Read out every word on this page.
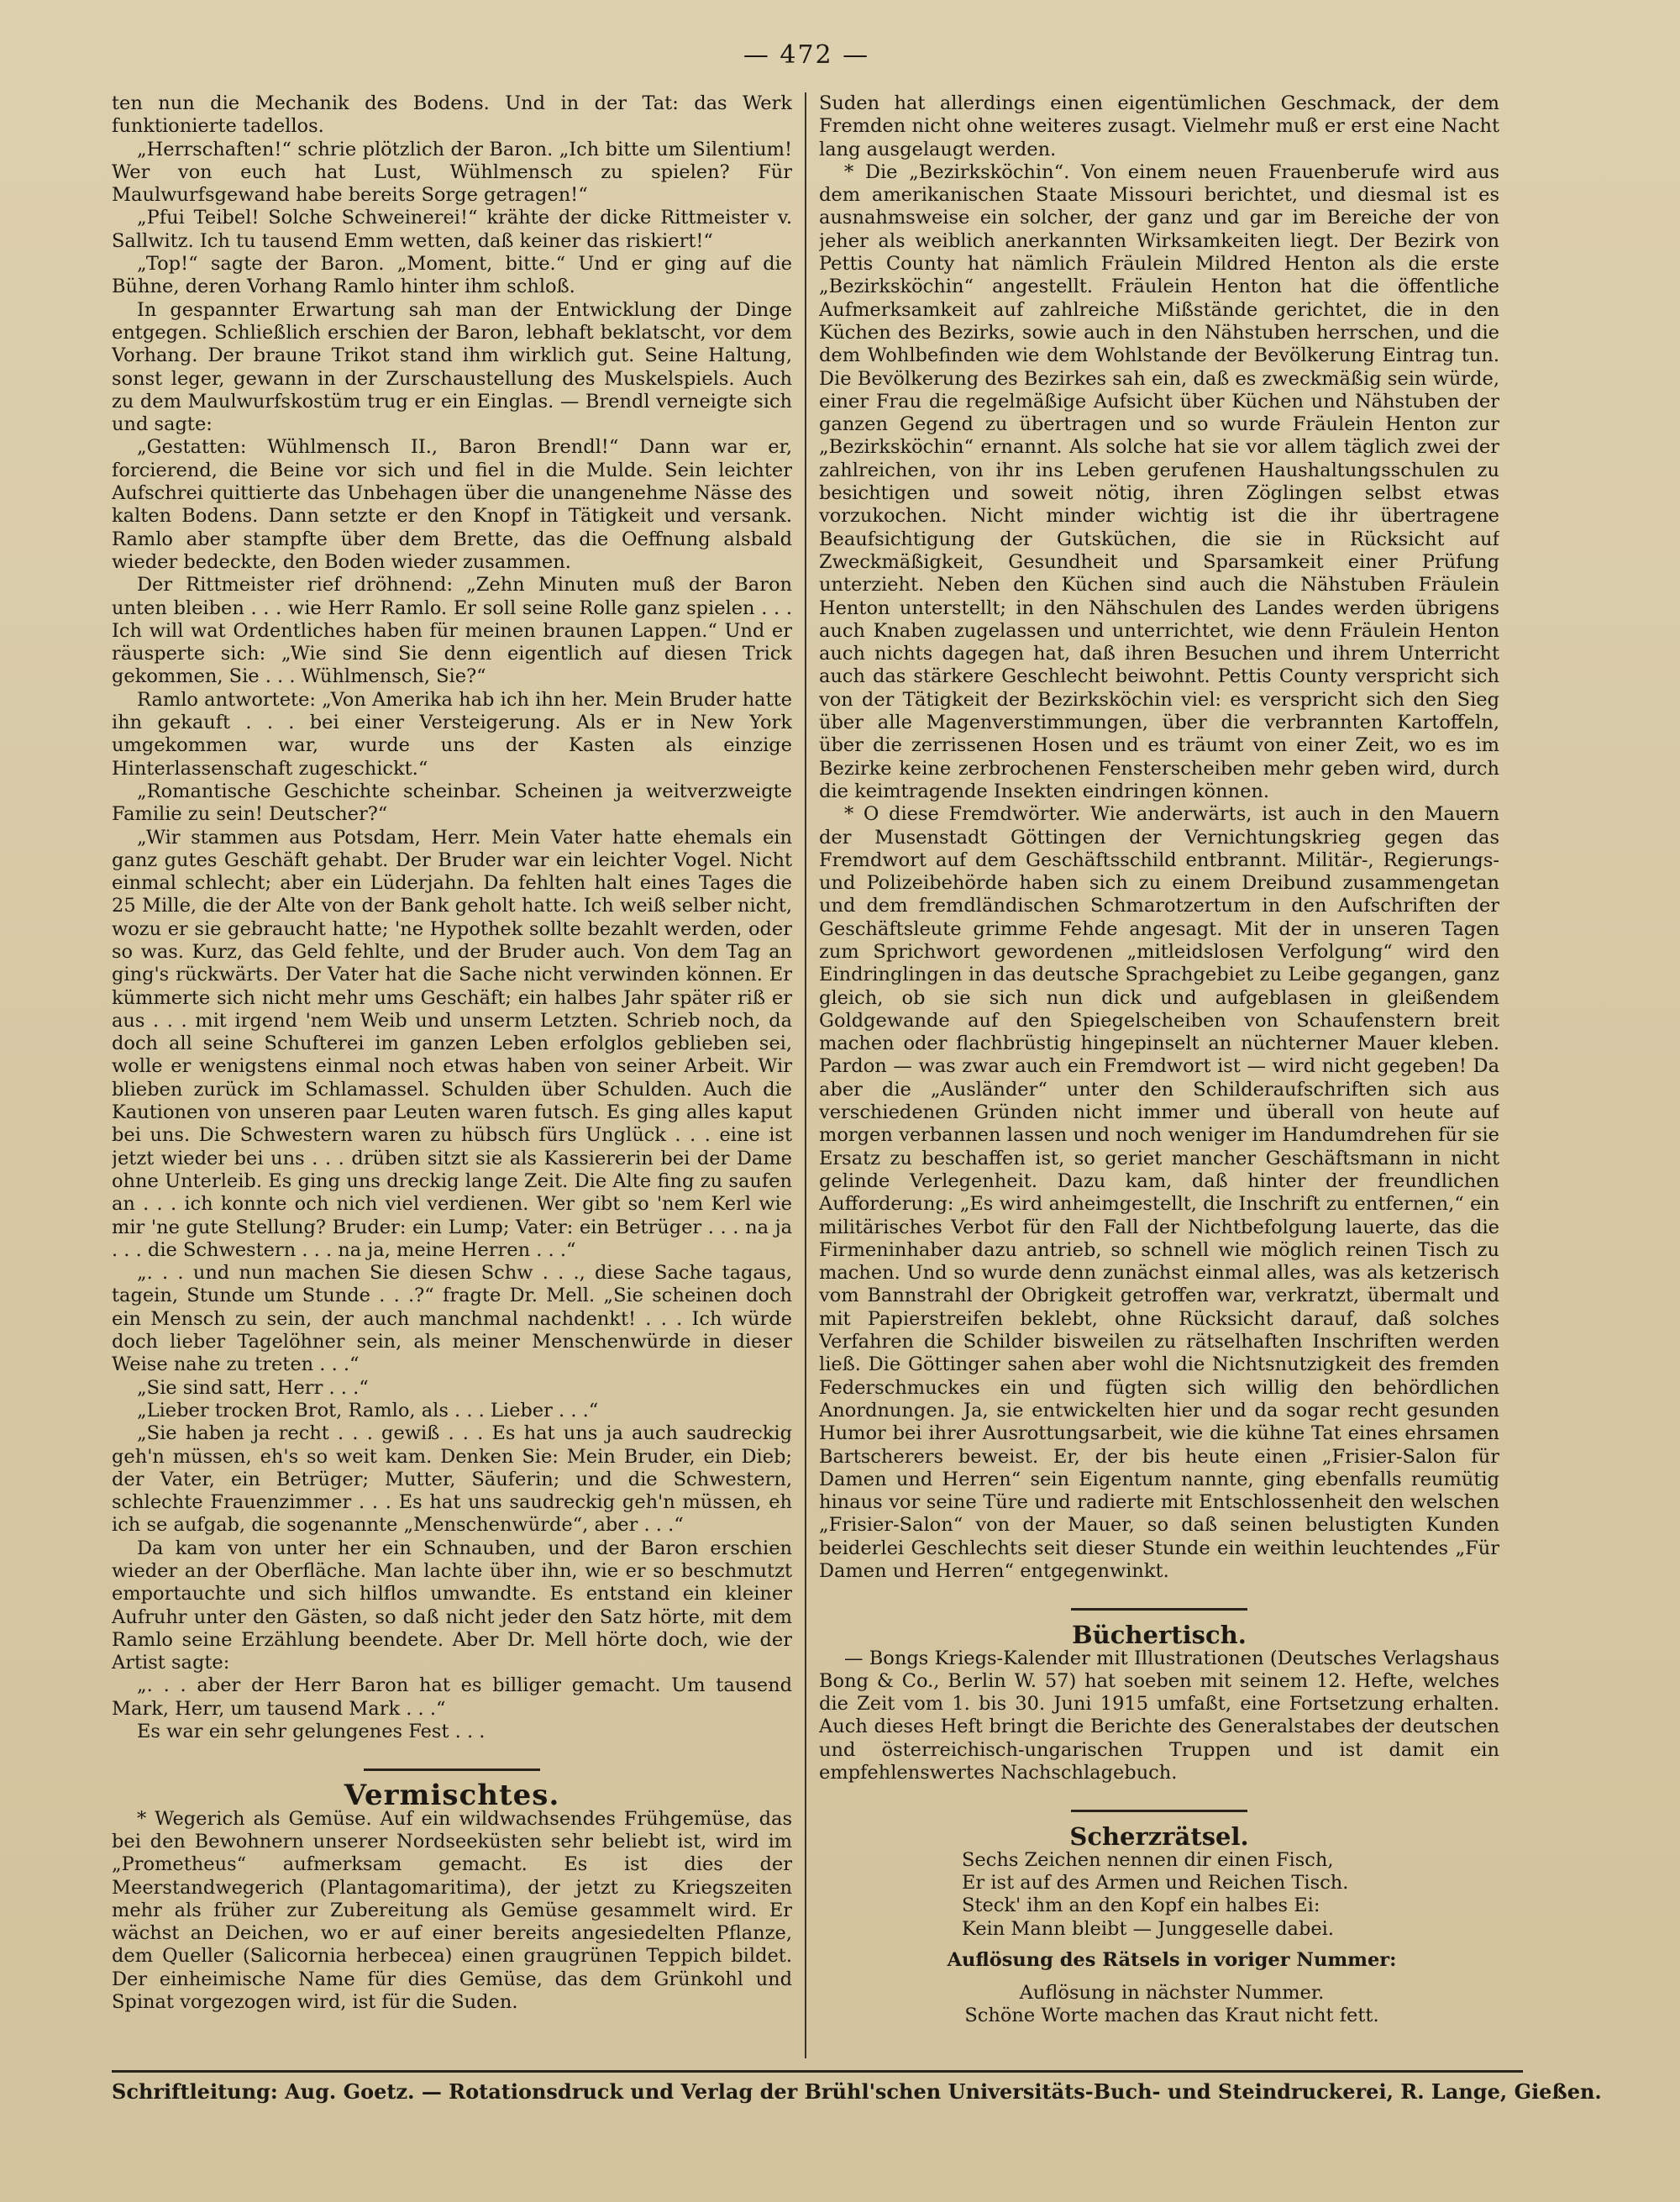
— 472 —

ten nun die Mechanik des Bodens. Und in der Tat: das Werk funktionierte tadellos.

„Herrschaften!“ schrie plötzlich der Baron. „Ich bitte um Silentium! Wer von euch hat Lust, Wühlmensch zu spielen? Für Maulwurfsgewand habe bereits Sorge getragen!“

„Pfui Teibel! Solche Schweinerei!“ krähte der dicke Rittmeister v. Sallwitz. Ich tu tausend Emm wetten, daß keiner das riskiert!“

„Top!“ sagte der Baron. „Moment, bitte.“ Und er ging auf die Bühne, deren Vorhang Ramlo hinter ihm schloß.

In gespannter Erwartung sah man der Entwicklung der Dinge entgegen. Schließlich erschien der Baron, lebhaft beklatscht, vor dem Vorhang. Der braune Trikot stand ihm wirklich gut. Seine Haltung, sonst leger, gewann in der Zurschaustellung des Muskelspiels. Auch zu dem Maulwurfskostüm trug er ein Einglas. — Brendl verneigte sich und sagte:

„Gestatten: Wühlmensch II., Baron Brendl!“ Dann war er, forcierend, die Beine vor sich und fiel in die Mulde. Sein leichter Aufschrei quittierte das Unbehagen über die unangenehme Nässe des kalten Bodens. Dann setzte er den Knopf in Tätigkeit und versank. Ramlo aber stampfte über dem Brette, das die Oeffnung alsbald wieder bedeckte, den Boden wieder zusammen.

Der Rittmeister rief dröhnend: „Zehn Minuten muß der Baron unten bleiben . . . wie Herr Ramlo. Er soll seine Rolle ganz spielen . . . Ich will wat Ordentliches haben für meinen braunen Lappen.“ Und er räusperte sich: „Wie sind Sie denn eigentlich auf diesen Trick gekommen, Sie . . . Wühlmensch, Sie?“

Ramlo antwortete: „Von Amerika hab ich ihn her. Mein Bruder hatte ihn gekauft . . . bei einer Versteigerung. Als er in New York umgekommen war, wurde uns der Kasten als einzige Hinterlassenschaft zugeschickt.“

„Romantische Geschichte scheinbar. Scheinen ja weitverzweigte Familie zu sein! Deutscher?“

„Wir stammen aus Potsdam, Herr. Mein Vater hatte ehemals ein ganz gutes Geschäft gehabt. Der Bruder war ein leichter Vogel. Nicht einmal schlecht; aber ein Lüderjahn. Da fehlten halt eines Tages die 25 Mille, die der Alte von der Bank geholt hatte. Ich weiß selber nicht, wozu er sie gebraucht hatte; 'ne Hypothek sollte bezahlt werden, oder so was. Kurz, das Geld fehlte, und der Bruder auch. Von dem Tag an ging's rückwärts. Der Vater hat die Sache nicht verwinden können. Er kümmerte sich nicht mehr ums Geschäft; ein halbes Jahr später riß er aus . . . mit irgend 'nem Weib und unserm Letzten. Schrieb noch, da doch all seine Schufterei im ganzen Leben erfolglos geblieben sei, wolle er wenigstens einmal noch etwas haben von seiner Arbeit. Wir blieben zurück im Schlamassel. Schulden über Schulden. Auch die Kautionen von unseren paar Leuten waren futsch. Es ging alles kaput bei uns. Die Schwestern waren zu hübsch fürs Unglück . . . eine ist jetzt wieder bei uns . . . drüben sitzt sie als Kassiererin bei der Dame ohne Unterleib. Es ging uns dreckig lange Zeit. Die Alte fing zu saufen an . . . ich konnte och nich viel verdienen. Wer gibt so 'nem Kerl wie mir 'ne gute Stellung? Bruder: ein Lump; Vater: ein Betrüger . . . na ja . . . die Schwestern . . . na ja, meine Herren . . .“

„. . . und nun machen Sie diesen Schw . . ., diese Sache tagaus, tagein, Stunde um Stunde . . .?“ fragte Dr. Mell. „Sie scheinen doch ein Mensch zu sein, der auch manchmal nachdenkt! . . . Ich würde doch lieber Tagelöhner sein, als meiner Menschenwürde in dieser Weise nahe zu treten . . .“

„Sie sind satt, Herr . . .“

„Lieber trocken Brot, Ramlo, als . . . Lieber . . .“

„Sie haben ja recht . . . gewiß . . . Es hat uns ja auch saudreckig geh'n müssen, eh's so weit kam. Denken Sie: Mein Bruder, ein Dieb; der Vater, ein Betrüger; Mutter, Säuferin; und die Schwestern, schlechte Frauenzimmer . . . Es hat uns saudreckig geh'n müssen, eh ich se aufgab, die sogenannte „Menschenwürde“, aber . . .“

Da kam von unter her ein Schnauben, und der Baron erschien wieder an der Oberfläche. Man lachte über ihn, wie er so beschmutzt emportauchte und sich hilflos umwandte. Es entstand ein kleiner Aufruhr unter den Gästen, so daß nicht jeder den Satz hörte, mit dem Ramlo seine Erzählung beendete. Aber Dr. Mell hörte doch, wie der Artist sagte:

„. . . aber der Herr Baron hat es billiger gemacht. Um tausend Mark, Herr, um tausend Mark . . .“

Es war ein sehr gelungenes Fest . . .

Vermischtes.

* Wegerich als Gemüse. Auf ein wildwachsendes Frühgemüse, das bei den Bewohnern unserer Nordseeküsten sehr beliebt ist, wird im „Prometheus“ aufmerksam gemacht. Es ist dies der Meerstandwegerich (Plantagomaritima), der jetzt zu Kriegszeiten mehr als früher zur Zubereitung als Gemüse gesammelt wird. Er wächst an Deichen, wo er auf einer bereits angesiedelten Pflanze, dem Queller (Salicornia herbecea) einen graugrünen Teppich bildet. Der einheimische Name für dies Gemüse, das dem Grünkohl und Spinat vorgezogen wird, ist für die Suden.

Suden hat allerdings einen eigentümlichen Geschmack, der dem Fremden nicht ohne weiteres zusagt. Vielmehr muß er erst eine Nacht lang ausgelaugt werden.

* Die „Bezirksköchin“. Von einem neuen Frauenberufe wird aus dem amerikanischen Staate Missouri berichtet, und diesmal ist es ausnahmsweise ein solcher, der ganz und gar im Bereiche der von jeher als weiblich anerkannten Wirksamkeiten liegt. Der Bezirk von Pettis County hat nämlich Fräulein Mildred Henton als die erste „Bezirksköchin“ angestellt. Fräulein Henton hat die öffentliche Aufmerksamkeit auf zahlreiche Mißstände gerichtet, die in den Küchen des Bezirks, sowie auch in den Nähstuben herrschen, und die dem Wohlbefinden wie dem Wohlstande der Bevölkerung Eintrag tun. Die Bevölkerung des Bezirkes sah ein, daß es zweckmäßig sein würde, einer Frau die regelmäßige Aufsicht über Küchen und Nähstuben der ganzen Gegend zu übertragen und so wurde Fräulein Henton zur „Bezirksköchin“ ernannt. Als solche hat sie vor allem täglich zwei der zahlreichen, von ihr ins Leben gerufenen Haushaltungsschulen zu besichtigen und soweit nötig, ihren Zöglingen selbst etwas vorzukochen. Nicht minder wichtig ist die ihr übertragene Beaufsichtigung der Gutsküchen, die sie in Rücksicht auf Zweckmäßigkeit, Gesundheit und Sparsamkeit einer Prüfung unterzieht. Neben den Küchen sind auch die Nähstuben Fräulein Henton unterstellt; in den Nähschulen des Landes werden übrigens auch Knaben zugelassen und unterrichtet, wie denn Fräulein Henton auch nichts dagegen hat, daß ihren Besuchen und ihrem Unterricht auch das stärkere Geschlecht beiwohnt. Pettis County verspricht sich von der Tätigkeit der Bezirksköchin viel: es verspricht sich den Sieg über alle Magenverstimmungen, über die verbrannten Kartoffeln, über die zerrissenen Hosen und es träumt von einer Zeit, wo es im Bezirke keine zerbrochenen Fensterscheiben mehr geben wird, durch die keimtragende Insekten eindringen können.

* O diese Fremdwörter. Wie anderwärts, ist auch in den Mauern der Musenstadt Göttingen der Vernichtungskrieg gegen das Fremdwort auf dem Geschäftsschild entbrannt. Militär-, Regierungs- und Polizeibehörde haben sich zu einem Dreibund zusammengetan und dem fremdländischen Schmarotzertum in den Aufschriften der Geschäftsleute grimme Fehde angesagt. Mit der in unseren Tagen zum Sprichwort gewordenen „mitleidslosen Verfolgung“ wird den Eindringlingen in das deutsche Sprachgebiet zu Leibe gegangen, ganz gleich, ob sie sich nun dick und aufgeblasen in gleißendem Goldgewande auf den Spiegelscheiben von Schaufenstern breit machen oder flachbrüstig hingepinselt an nüchterner Mauer kleben. Pardon — was zwar auch ein Fremdwort ist — wird nicht gegeben! Da aber die „Ausländer“ unter den Schilderaufschriften sich aus verschiedenen Gründen nicht immer und überall von heute auf morgen verbannen lassen und noch weniger im Handumdrehen für sie Ersatz zu beschaffen ist, so geriet mancher Geschäftsmann in nicht gelinde Verlegenheit. Dazu kam, daß hinter der freundlichen Aufforderung: „Es wird anheimgestellt, die Inschrift zu entfernen,“ ein militärisches Verbot für den Fall der Nichtbefolgung lauerte, das die Firmeninhaber dazu antrieb, so schnell wie möglich reinen Tisch zu machen. Und so wurde denn zunächst einmal alles, was als ketzerisch vom Bannstrahl der Obrigkeit getroffen war, verkratzt, übermalt und mit Papierstreifen beklebt, ohne Rücksicht darauf, daß solches Verfahren die Schilder bisweilen zu rätselhaften Inschriften werden ließ. Die Göttinger sahen aber wohl die Nichtsnutzigkeit des fremden Federschmuckes ein und fügten sich willig den behördlichen Anordnungen. Ja, sie entwickelten hier und da sogar recht gesunden Humor bei ihrer Ausrottungsarbeit, wie die kühne Tat eines ehrsamen Bartscherers beweist. Er, der bis heute einen „Frisier-Salon für Damen und Herren“ sein Eigentum nannte, ging ebenfalls reumütig hinaus vor seine Türe und radierte mit Entschlossenheit den welschen „Frisier-Salon“ von der Mauer, so daß seinen belustigten Kunden beiderlei Geschlechts seit dieser Stunde ein weithin leuchtendes „Für Damen und Herren“ entgegenwinkt.

Büchertisch.

— Bongs Kriegs-Kalender mit Illustrationen (Deutsches Verlagshaus Bong & Co., Berlin W. 57) hat soeben mit seinem 12. Hefte, welches die Zeit vom 1. bis 30. Juni 1915 umfaßt, eine Fortsetzung erhalten. Auch dieses Heft bringt die Berichte des Generalstabes der deutschen und österreichisch-ungarischen Truppen und ist damit ein empfehlenswertes Nachschlagebuch.

Scherzrätsel.

Sechs Zeichen nennen dir einen Fisch,

Er ist auf des Armen und Reichen Tisch.

Steck' ihm an den Kopf ein halbes Ei:

Kein Mann bleibt — Junggeselle dabei.

Auflösung des Rätsels in voriger Nummer:

Auflösung in nächster Nummer.

Schöne Worte machen das Kraut nicht fett.

Schriftleitung: Aug. Goetz. — Rotationsdruck und Verlag der Brühl'schen Universitäts-Buch- und Steindruckerei, R. Lange, Gießen.
